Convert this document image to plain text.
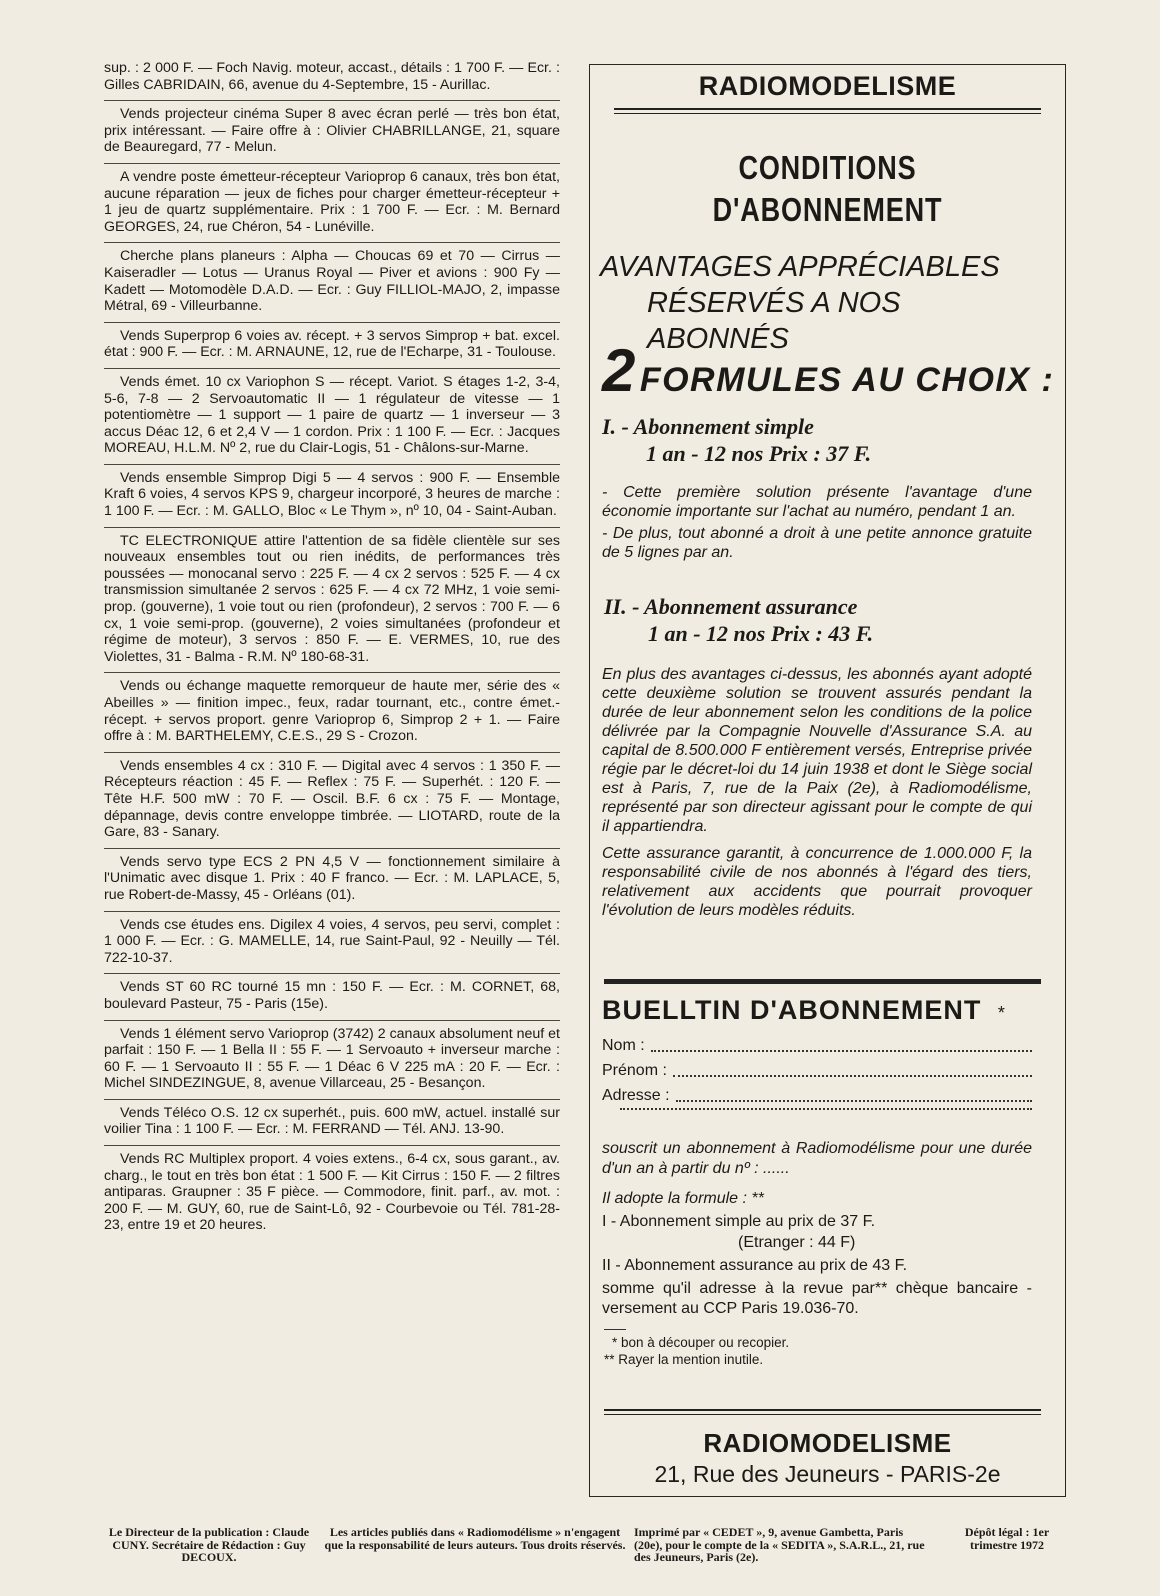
sup. : 2 000 F. — Foch Navig. moteur, accast., détails : 1 700 F. — Ecr. : Gilles CABRIDAIN, 66, avenue du 4-Septembre, 15 - Aurillac.

Vends projecteur cinéma Super 8 avec écran perlé — très bon état, prix intéressant. — Faire offre à : Olivier CHABRILLANGE, 21, square de Beauregard, 77 - Melun.

A vendre poste émetteur-récepteur Varioprop 6 canaux, très bon état, aucune réparation — jeux de fiches pour charger émetteur-récepteur + 1 jeu de quartz supplémentaire. Prix : 1 700 F. — Ecr. : M. Bernard GEORGES, 24, rue Chéron, 54 - Lunéville.

Cherche plans planeurs : Alpha — Choucas 69 et 70 — Cirrus — Kaiseradler — Lotus — Uranus Royal — Piver et avions : 900 Fy — Kadett — Motomodèle D.A.D. — Ecr. : Guy FILLIOL-MAJO, 2, impasse Métral, 69 - Villeurbanne.

Vends Superprop 6 voies av. récept. + 3 servos Simprop + bat. excel. état : 900 F. — Ecr. : M. ARNAUNE, 12, rue de l'Echarpe, 31 - Toulouse.

Vends émet. 10 cx Variophon S — récept. Variot. S étages 1-2, 3-4, 5-6, 7-8 — 2 Servoautomatic II — 1 régulateur de vitesse — 1 potentiomètre — 1 support — 1 paire de quartz — 1 inverseur — 3 accus Déac 12, 6 et 2,4 V — 1 cordon. Prix : 1 100 F. — Ecr. : Jacques MOREAU, H.L.M. Nº 2, rue du Clair-Logis, 51 - Châlons-sur-Marne.

Vends ensemble Simprop Digi 5 — 4 servos : 900 F. — Ensemble Kraft 6 voies, 4 servos KPS 9, chargeur incorporé, 3 heures de marche : 1 100 F. — Ecr. : M. GALLO, Bloc « Le Thym », nº 10, 04 - Saint-Auban.

TC ELECTRONIQUE attire l'attention de sa fidèle clientèle sur ses nouveaux ensembles tout ou rien inédits, de performances très poussées — monocanal servo : 225 F. — 4 cx 2 servos : 525 F. — 4 cx transmission simultanée 2 servos : 625 F. — 4 cx 72 MHz, 1 voie semi-prop. (gouverne), 1 voie tout ou rien (profondeur), 2 servos : 700 F. — 6 cx, 1 voie semi-prop. (gouverne), 2 voies simultanées (profondeur et régime de moteur), 3 servos : 850 F. — E. VERMES, 10, rue des Violettes, 31 - Balma - R.M. Nº 180-68-31.

Vends ou échange maquette remorqueur de haute mer, série des « Abeilles » — finition impec., feux, radar tournant, etc., contre émet.-récept. + servos proport. genre Varioprop 6, Simprop 2 + 1. — Faire offre à : M. BARTHELEMY, C.E.S., 29 S - Crozon.

Vends ensembles 4 cx : 310 F. — Digital avec 4 servos : 1 350 F. — Récepteurs réaction : 45 F. — Reflex : 75 F. — Superhét. : 120 F. — Tête H.F. 500 mW : 70 F. — Oscil. B.F. 6 cx : 75 F. — Montage, dépannage, devis contre enveloppe timbrée. — LIOTARD, route de la Gare, 83 - Sanary.

Vends servo type ECS 2 PN 4,5 V — fonctionnement similaire à l'Unimatic avec disque 1. Prix : 40 F franco. — Ecr. : M. LAPLACE, 5, rue Robert-de-Massy, 45 - Orléans (01).

Vends cse études ens. Digilex 4 voies, 4 servos, peu servi, complet : 1 000 F. — Ecr. : G. MAMELLE, 14, rue Saint-Paul, 92 - Neuilly — Tél. 722-10-37.

Vends ST 60 RC tourné 15 mn : 150 F. — Ecr. : M. CORNET, 68, boulevard Pasteur, 75 - Paris (15e).

Vends 1 élément servo Varioprop (3742) 2 canaux absolument neuf et parfait : 150 F. — 1 Bella II : 55 F. — 1 Servoauto + inverseur marche : 60 F. — 1 Servoauto II : 55 F. — 1 Déac 6 V 225 mA : 20 F. — Ecr. : Michel SINDEZINGUE, 8, avenue Villarceau, 25 - Besançon.

Vends Téléco O.S. 12 cx superhét., puis. 600 mW, actuel. installé sur voilier Tina : 1 100 F. — Ecr. : M. FERRAND — Tél. ANJ. 13-90.

Vends RC Multiplex proport. 4 voies extens., 6-4 cx, sous garant., av. charg., le tout en très bon état : 1 500 F. — Kit Cirrus : 150 F. — 2 filtres antiparas. Graupner : 35 F pièce. — Commodore, finit. parf., av. mot. : 200 F. — M. GUY, 60, rue de Saint-Lô, 92 - Courbevoie ou Tél. 781-28-23, entre 19 et 20 heures.

RADIOMODELISME
CONDITIONS
D'ABONNEMENT
AVANTAGES APPRÉCIABLES
RÉSERVÉS A NOS ABONNÉS
2 FORMULES AU CHOIX :
I. - Abonnement simple
1 an - 12 nos Prix : 37 F.
- Cette première solution présente l'avantage d'une économie importante sur l'achat au numéro, pendant 1 an.
- De plus, tout abonné a droit à une petite annonce gratuite de 5 lignes par an.
II. - Abonnement assurance
1 an - 12 nos Prix : 43 F.
En plus des avantages ci-dessus, les abonnés ayant adopté cette deuxième solution se trouvent assurés pendant la durée de leur abonnement selon les conditions de la police délivrée par la Compagnie Nouvelle d'Assurance S.A. au capital de 8.500.000 F entièrement versés, Entreprise privée régie par le décret-loi du 14 juin 1938 et dont le Siège social est à Paris, 7, rue de la Paix (2e), à Radiomodélisme, représenté par son directeur agissant pour le compte de qui il appartiendra.
Cette assurance garantit, à concurrence de 1.000.000 F, la responsabilité civile de nos abonnés à l'égard des tiers, relativement aux accidents que pourrait provoquer l'évolution de leurs modèles réduits.
BUELLTIN D'ABONNEMENT *
Nom :
Prénom :
Adresse :
souscrit un abonnement à Radiomodélisme pour une durée d'un an à partir du nº : ......
Il adopte la formule : **
I - Abonnement simple au prix de 37 F.
(Etranger : 44 F)
II - Abonnement assurance au prix de 43 F.
somme qu'il adresse à la revue par** chèque bancaire - versement au CCP Paris 19.036-70.
* bon à découper ou recopier.
** Rayer la mention inutile.
RADIOMODELISME
21, Rue des Jeuneurs - PARIS-2e
Le Directeur de la publication : Claude CUNY. Secrétaire de Rédaction : Guy DECOUX.
Les articles publiés dans « Radiomodélisme » n'engagent que la responsabilité de leurs auteurs. Tous droits réservés.
Imprimé par « CEDET », 9, avenue Gambetta, Paris (20e), pour le compte de la « SEDITA », S.A.R.L., 21, rue des Jeuneurs, Paris (2e).
Dépôt légal : 1er trimestre 1972
